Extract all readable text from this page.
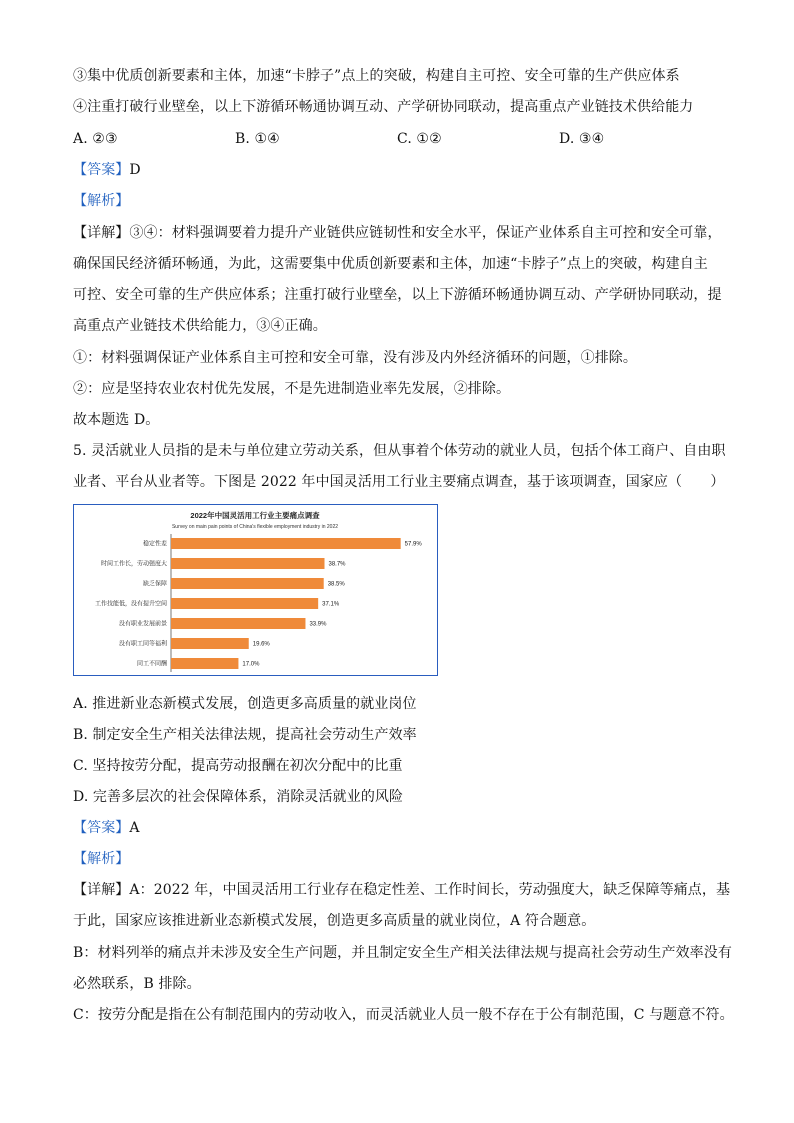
③集中优质创新要素和主体，加速“卡脖子”点上的突破，构建自主可控、安全可靠的生产供应体系
④注重打破行业壁垒，以上下游循环畅通协调互动、产学研协同联动，提高重点产业链技术供给能力
A. ②③	B. ①④	C. ①②	D. ③④
【答案】D
【解析】
【详解】③④：材料强调要着力提升产业链供应链韧性和安全水平，保证产业体系自主可控和安全可靠，
确保国民经济循环畅通，为此，这需要集中优质创新要素和主体，加速“卡脖子”点上的突破，构建自主
可控、安全可靠的生产供应体系；注重打破行业壁垒，以上下游循环畅通协调互动、产学研协同联动，提
高重点产业链技术供给能力，③④正确。
①：材料强调保证产业体系自主可控和安全可靠，没有涉及内外经济循环的问题，①排除。
②：应是坚持农业农村优先发展，不是先进制造业率先发展，②排除。
故本题选 D。
5. 灵活就业人员指的是未与单位建立劳动关系，但从事着个体劳动的就业人员，包括个体工商户、自由职
业者、平台从业者等。下图是 2022 年中国灵活用工行业主要痛点调查，基于该项调查，国家应（　　）
2022年中国灵活用工行业主要痛点调查
Survey on main pain points of China's flexible employment industry in 2022
稳定性差	57.9%
时间工作长，劳动强度大	38.7%
缺乏保障	38.5%
工作技能低，没有提升空间	37.1%
没有职业发展前景	33.9%
没有职工同等福利	19.6%
同工不同酬	17.0%
A. 推进新业态新模式发展，创造更多高质量的就业岗位
B. 制定安全生产相关法律法规，提高社会劳动生产效率
C. 坚持按劳分配，提高劳动报酬在初次分配中的比重
D. 完善多层次的社会保障体系，消除灵活就业的风险
【答案】A
【解析】
【详解】A：2022 年，中国灵活用工行业存在稳定性差、工作时间长，劳动强度大，缺乏保障等痛点，基
于此，国家应该推进新业态新模式发展，创造更多高质量的就业岗位，A 符合题意。
B：材料列举的痛点并未涉及安全生产问题，并且制定安全生产相关法律法规与提高社会劳动生产效率没有
必然联系，B 排除。
C：按劳分配是指在公有制范围内的劳动收入，而灵活就业人员一般不存在于公有制范围，C 与题意不符。
